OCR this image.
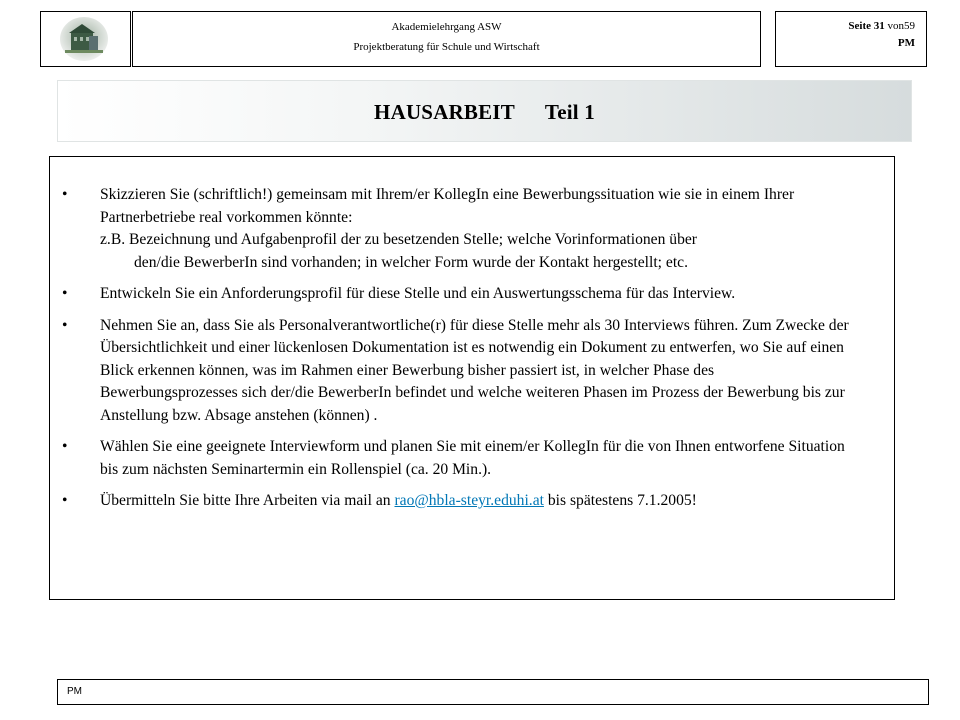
Akademielehrgang ASW
Projektberatung für Schule und Wirtschaft
Seite 31 von59
PM
HAUSARBEIT Teil 1
• Skizzieren Sie (schriftlich!) gemeinsam mit Ihrem/er KollegIn eine Bewerbungssituation wie sie in einem Ihrer Partnerbetriebe real vorkommen könnte:
z.B. Bezeichnung und Aufgabenprofil der zu besetzenden Stelle; welche Vorinformationen über
den/die BewerberIn sind vorhanden; in welcher Form wurde der Kontakt hergestellt; etc.
• Entwickeln Sie ein Anforderungsprofil für diese Stelle und ein Auswertungsschema für das Interview.
• Nehmen Sie an, dass Sie als Personalverantwortliche(r) für diese Stelle mehr als 30 Interviews führen. Zum Zwecke der Übersichtlichkeit und einer lückenlosen Dokumentation ist es notwendig ein Dokument zu entwerfen, wo Sie auf einen Blick erkennen können, was im Rahmen einer Bewerbung bisher passiert ist, in welcher Phase des Bewerbungsprozesses sich der/die BewerberIn befindet und welche weiteren Phasen im Prozess der Bewerbung bis zur Anstellung bzw. Absage anstehen (können) .
• Wählen Sie eine geeignete Interviewform und planen Sie mit einem/er KollegIn für die von Ihnen entworfene Situation bis zum nächsten Seminartermin ein Rollenspiel (ca. 20 Min.).
• Übermitteln Sie bitte Ihre Arbeiten via mail an rao@hbla-steyr.eduhi.at bis spätestens 7.1.2005!
PM
